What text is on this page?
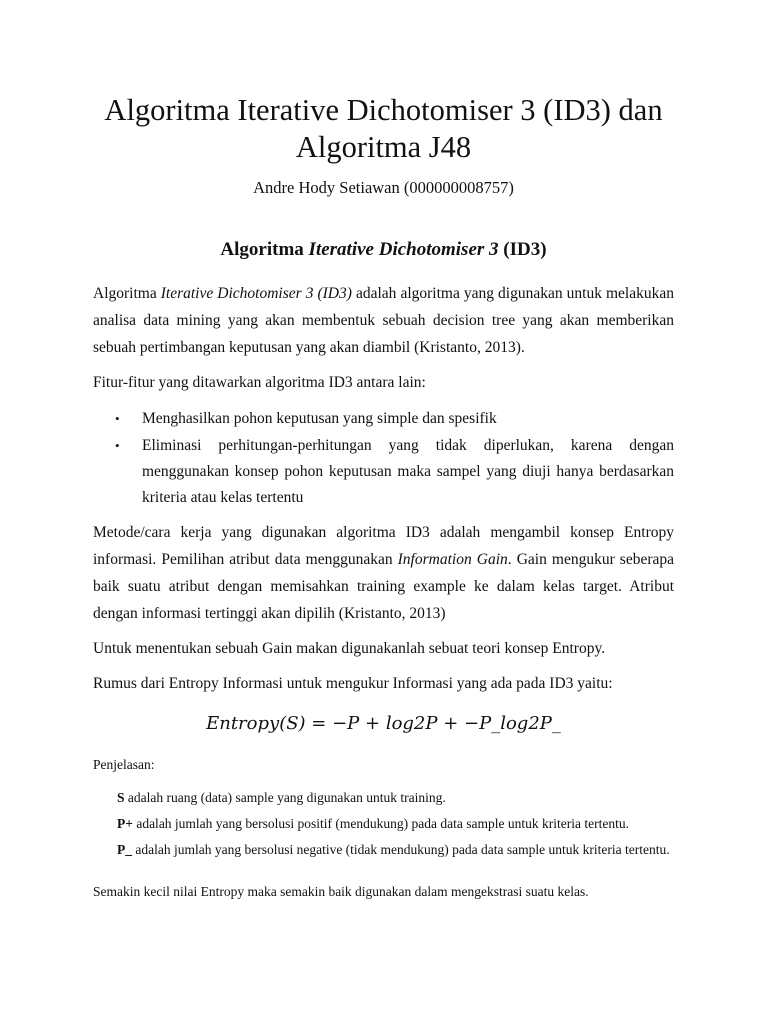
Algoritma Iterative Dichotomiser 3 (ID3) dan Algoritma J48

Andre Hody Setiawan (000000008757)

Algoritma Iterative Dichotomiser 3 (ID3)

Algoritma Iterative Dichotomiser 3 (ID3) adalah algoritma yang digunakan untuk melakukan analisa data mining yang akan membentuk sebuah decision tree yang akan memberikan sebuah pertimbangan keputusan yang akan diambil (Kristanto, 2013).

Fitur-fitur yang ditawarkan algoritma ID3 antara lain:

• Menghasilkan pohon keputusan yang simple dan spesifik
• Eliminasi perhitungan-perhitungan yang tidak diperlukan, karena dengan menggunakan konsep pohon keputusan maka sampel yang diuji hanya berdasarkan kriteria atau kelas tertentu

Metode/cara kerja yang digunakan algoritma ID3 adalah mengambil konsep Entropy informasi. Pemilihan atribut data menggunakan Information Gain. Gain mengukur seberapa baik suatu atribut dengan memisahkan training example ke dalam kelas target. Atribut dengan informasi tertinggi akan dipilih (Kristanto, 2013)

Untuk menentukan sebuah Gain makan digunakanlah sebuat teori konsep Entropy.

Rumus dari Entropy Informasi untuk mengukur Informasi yang ada pada ID3 yaitu:

Entropy(S) = −P + log2P + −P_log2P_

Penjelasan:

S adalah ruang (data) sample yang digunakan untuk training.

P+ adalah jumlah yang bersolusi positif (mendukung) pada data sample untuk kriteria tertentu.

P_ adalah jumlah yang bersolusi negative (tidak mendukung) pada data sample untuk kriteria tertentu.

Semakin kecil nilai Entropy maka semakin baik digunakan dalam mengekstrasi suatu kelas.
